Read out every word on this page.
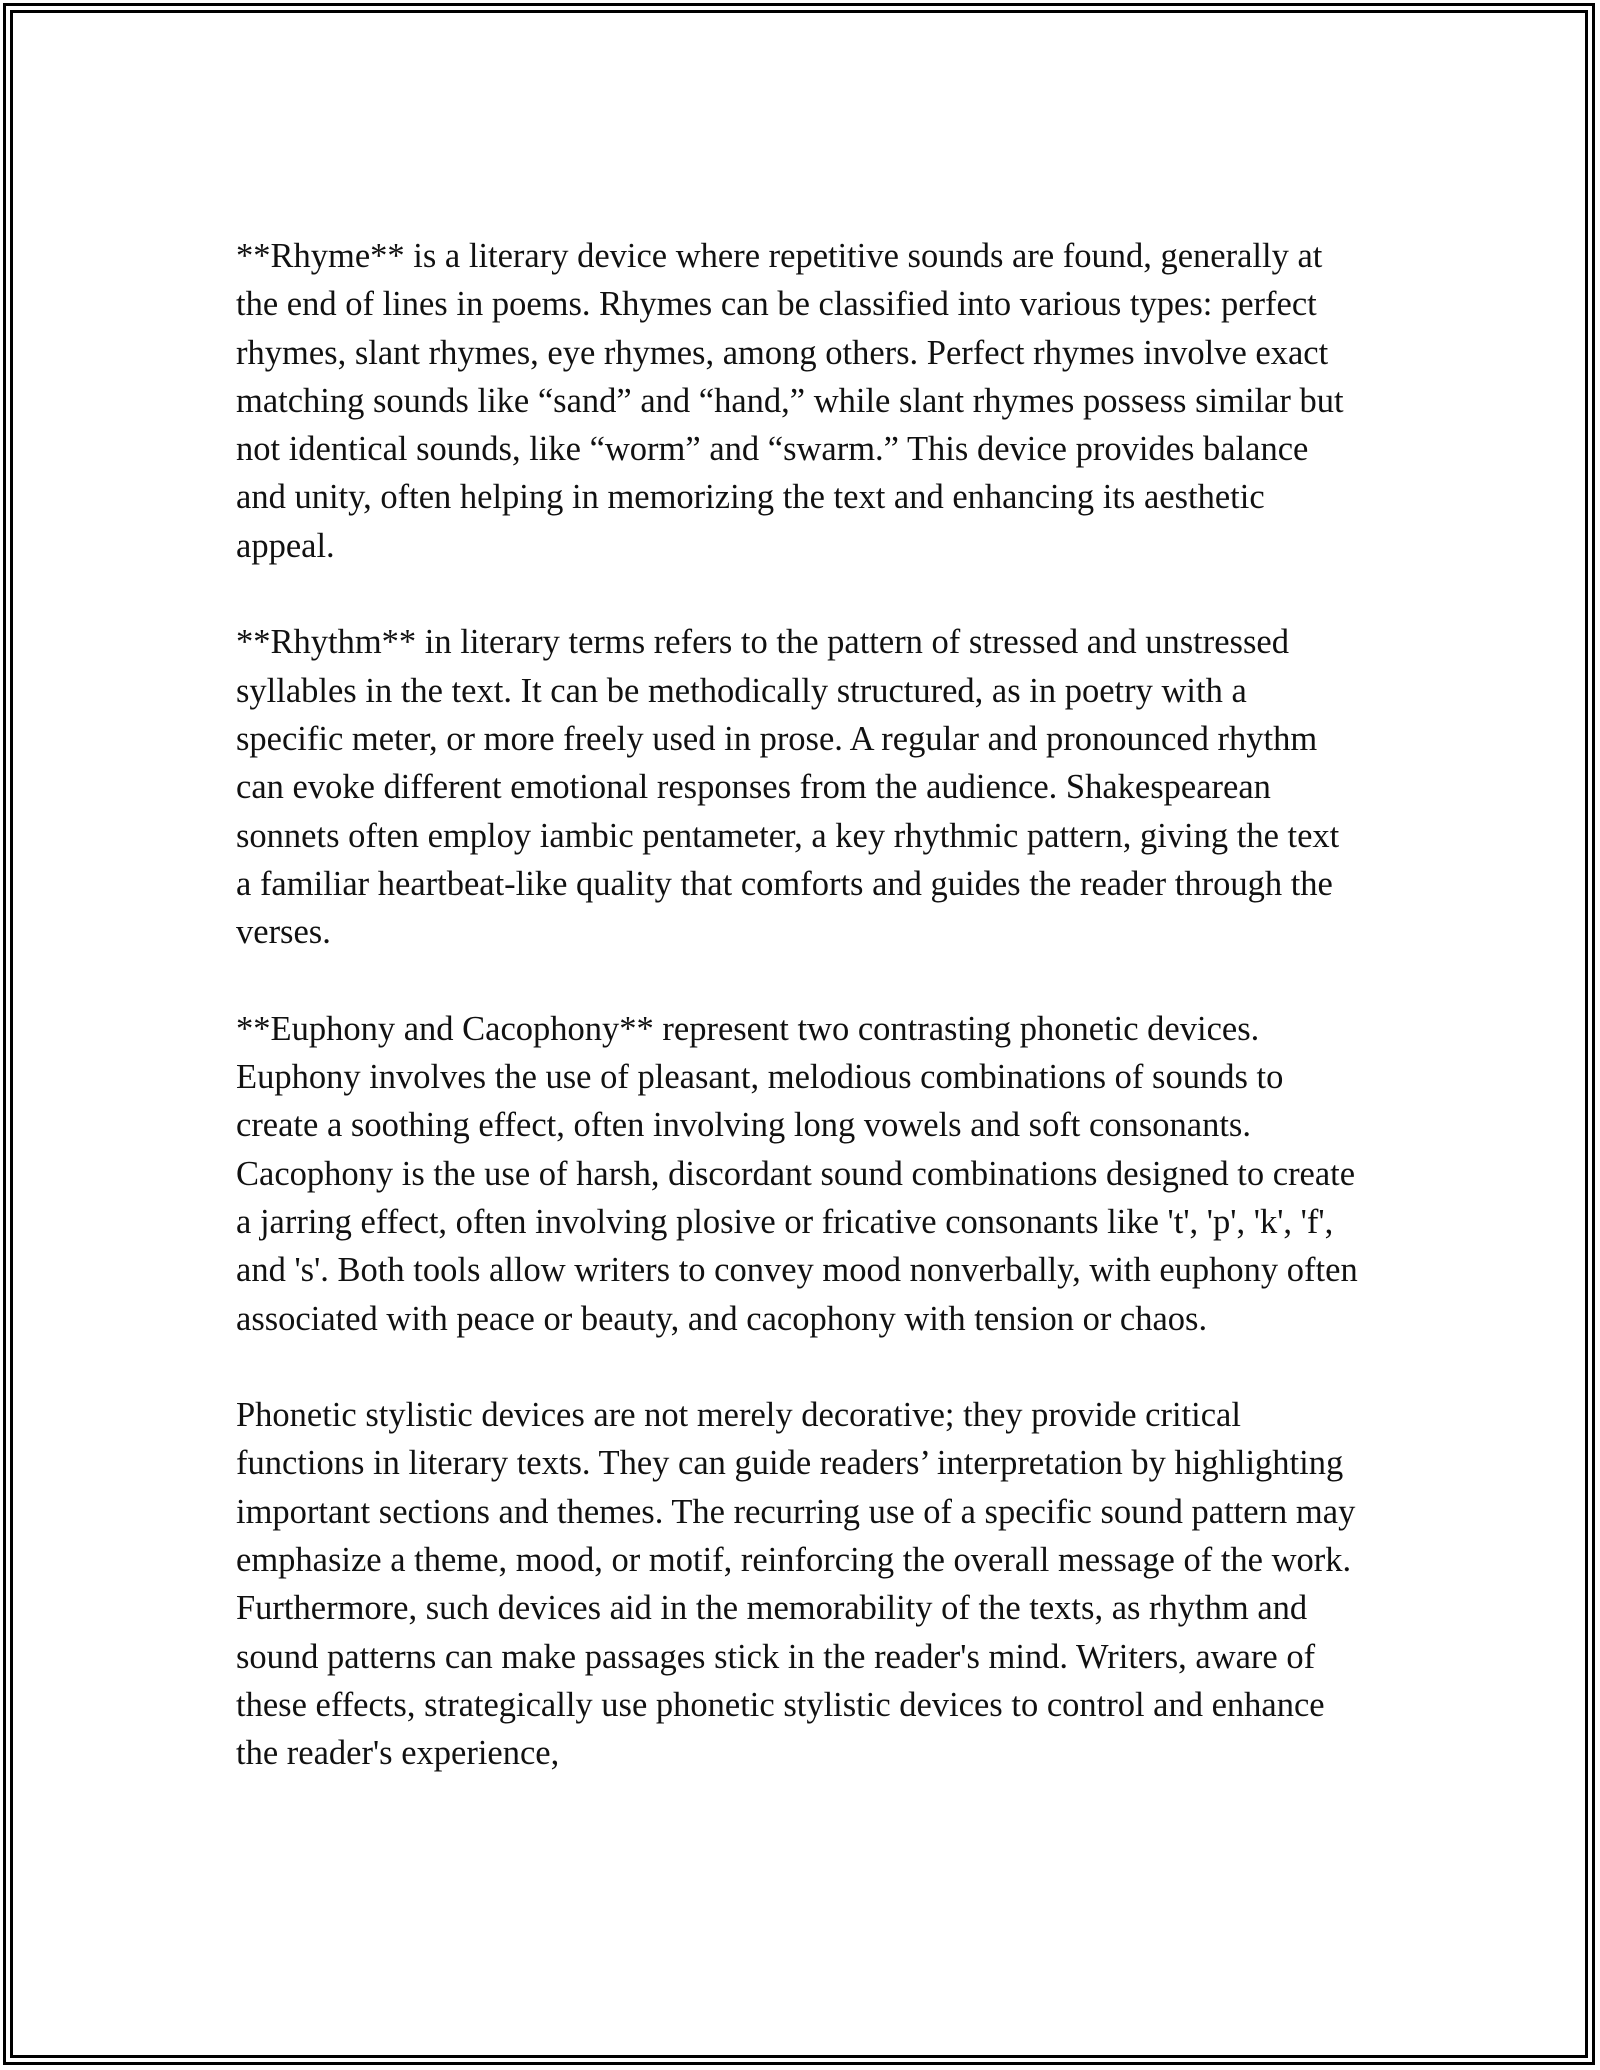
**Rhyme** is a literary device where repetitive sounds are found, generally at the end of lines in poems. Rhymes can be classified into various types: perfect rhymes, slant rhymes, eye rhymes, among others. Perfect rhymes involve exact matching sounds like “sand” and “hand,” while slant rhymes possess similar but not identical sounds, like “worm” and “swarm.” This device provides balance and unity, often helping in memorizing the text and enhancing its aesthetic appeal.

**Rhythm** in literary terms refers to the pattern of stressed and unstressed syllables in the text. It can be methodically structured, as in poetry with a specific meter, or more freely used in prose. A regular and pronounced rhythm can evoke different emotional responses from the audience. Shakespearean sonnets often employ iambic pentameter, a key rhythmic pattern, giving the text a familiar heartbeat-like quality that comforts and guides the reader through the verses.

**Euphony and Cacophony** represent two contrasting phonetic devices. Euphony involves the use of pleasant, melodious combinations of sounds to create a soothing effect, often involving long vowels and soft consonants. Cacophony is the use of harsh, discordant sound combinations designed to create a jarring effect, often involving plosive or fricative consonants like 't', 'p', 'k', 'f', and 's'. Both tools allow writers to convey mood nonverbally, with euphony often associated with peace or beauty, and cacophony with tension or chaos.

Phonetic stylistic devices are not merely decorative; they provide critical functions in literary texts. They can guide readers’ interpretation by highlighting important sections and themes. The recurring use of a specific sound pattern may emphasize a theme, mood, or motif, reinforcing the overall message of the work. Furthermore, such devices aid in the memorability of the texts, as rhythm and sound patterns can make passages stick in the reader's mind. Writers, aware of these effects, strategically use phonetic stylistic devices to control and enhance the reader's experience,
